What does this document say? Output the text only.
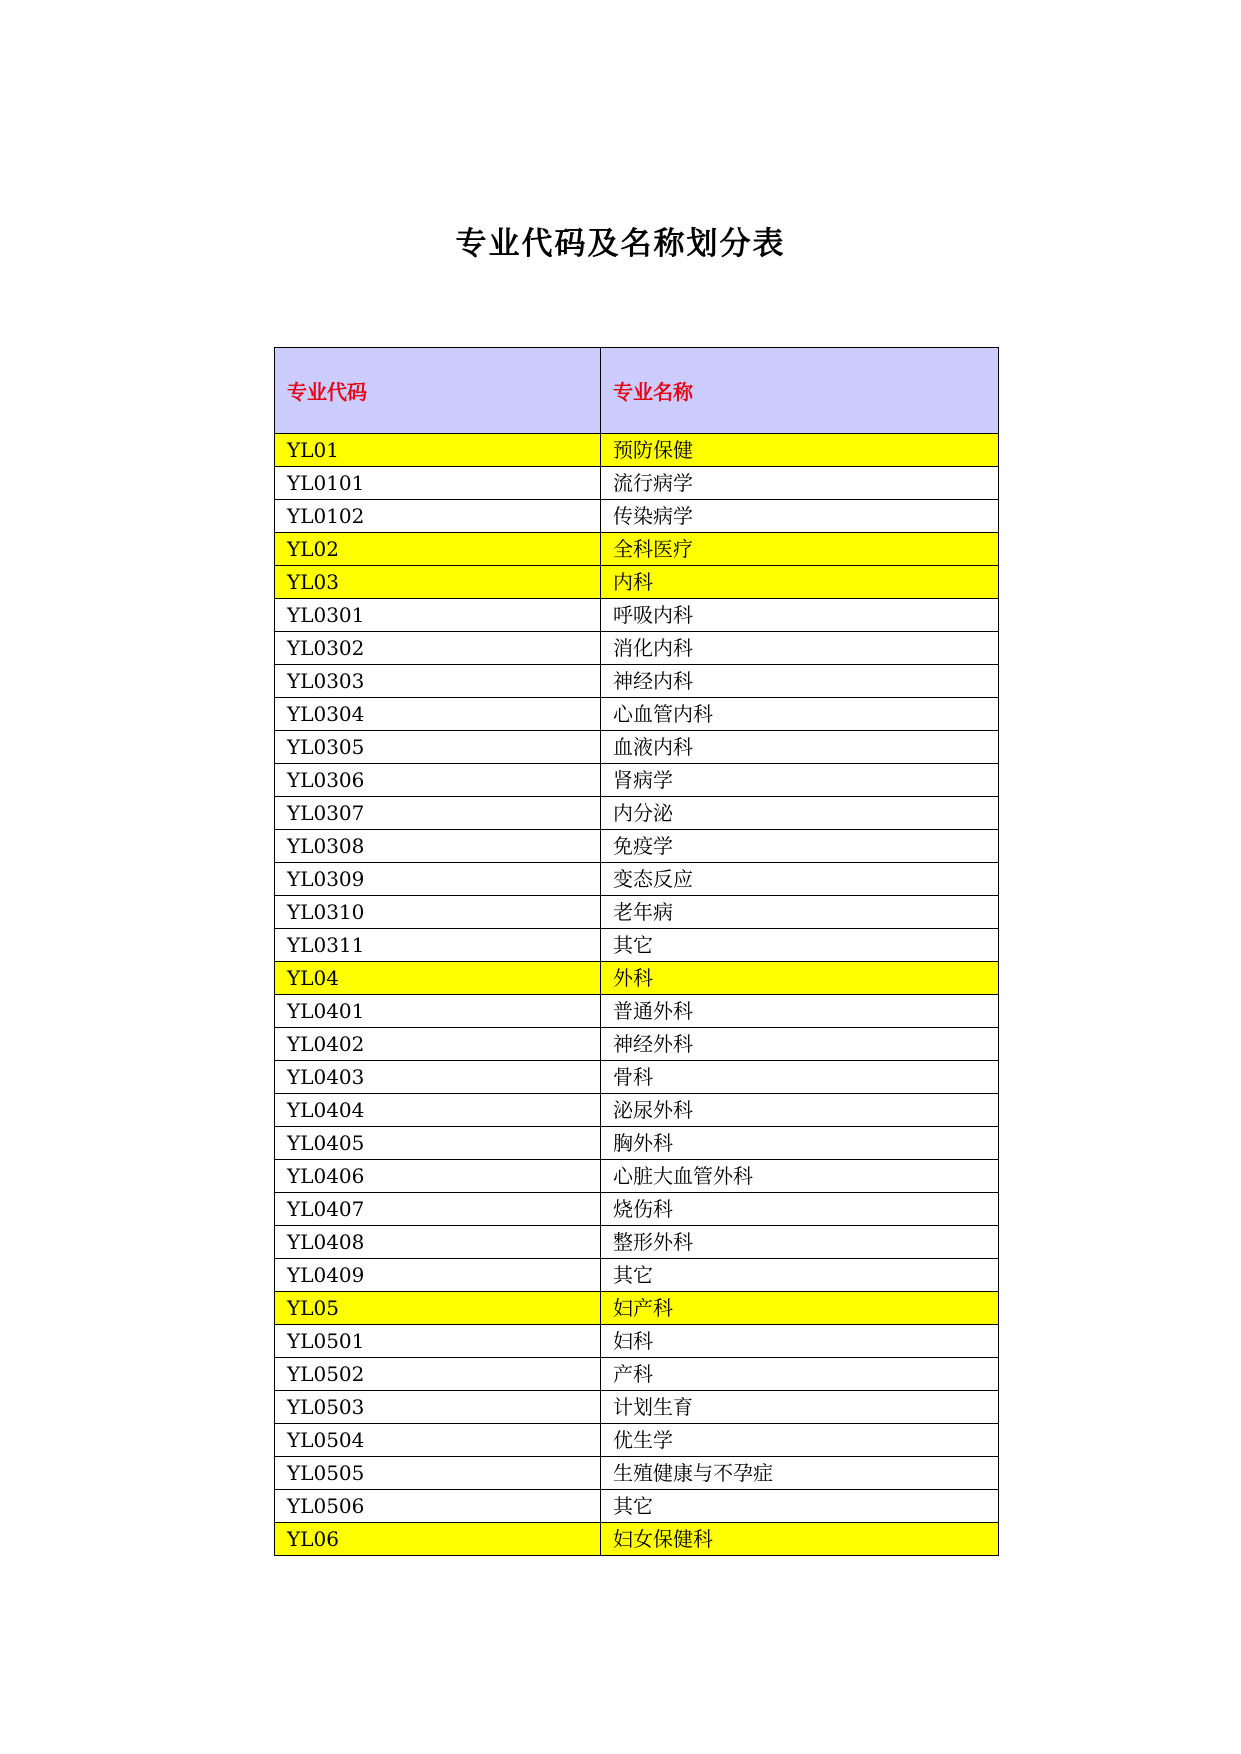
专业代码及名称划分表
专业代码	专业名称
YL01	预防保健
YL0101	流行病学
YL0102	传染病学
YL02	全科医疗
YL03	内科
YL0301	呼吸内科
YL0302	消化内科
YL0303	神经内科
YL0304	心血管内科
YL0305	血液内科
YL0306	肾病学
YL0307	内分泌
YL0308	免疫学
YL0309	变态反应
YL0310	老年病
YL0311	其它
YL04	外科
YL0401	普通外科
YL0402	神经外科
YL0403	骨科
YL0404	泌尿外科
YL0405	胸外科
YL0406	心脏大血管外科
YL0407	烧伤科
YL0408	整形外科
YL0409	其它
YL05	妇产科
YL0501	妇科
YL0502	产科
YL0503	计划生育
YL0504	优生学
YL0505	生殖健康与不孕症
YL0506	其它
YL06	妇女保健科
